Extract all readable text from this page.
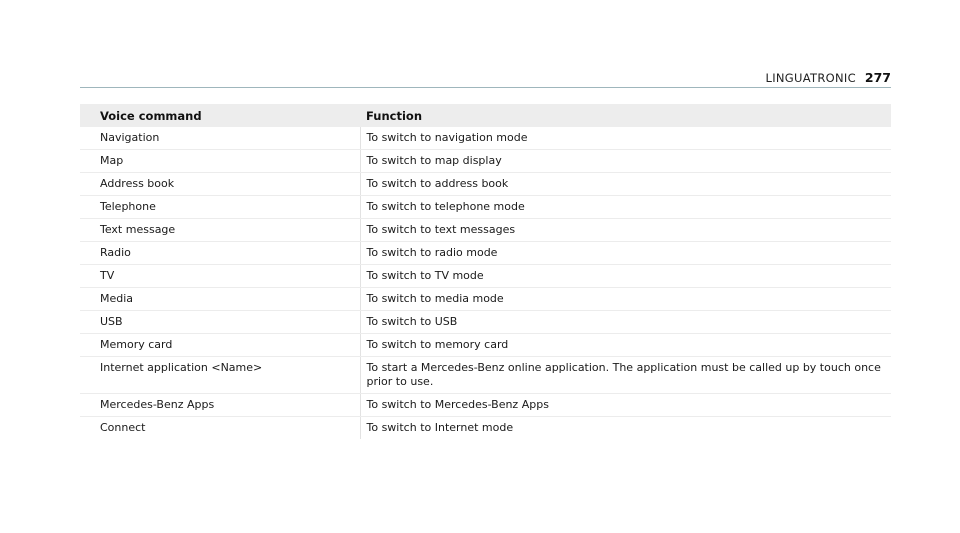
LINGUATRONIC 277
Voice command	Function
Navigation	To switch to navigation mode
Map	To switch to map display
Address book	To switch to address book
Telephone	To switch to telephone mode
Text message	To switch to text messages
Radio	To switch to radio mode
TV	To switch to TV mode
Media	To switch to media mode
USB	To switch to USB
Memory card	To switch to memory card
Internet application <Name>	To start a Mercedes-Benz online application. The application must be called up by touch once prior to use.
Mercedes-Benz Apps	To switch to Mercedes-Benz Apps
Connect	To switch to Internet mode
